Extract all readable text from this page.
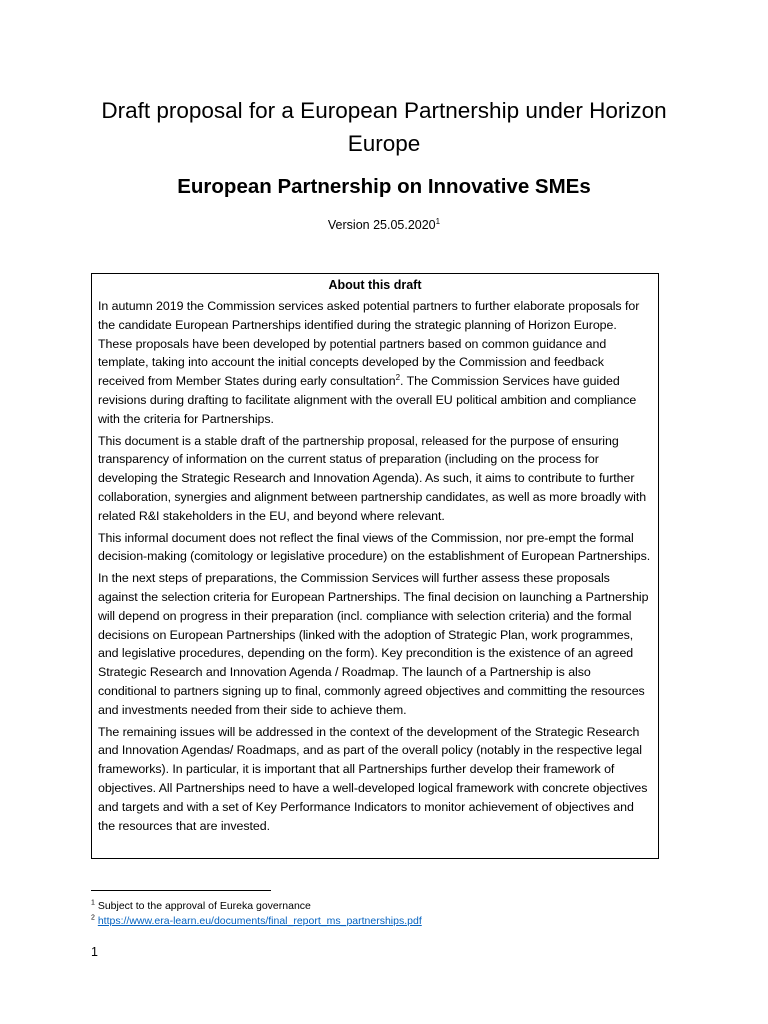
Draft proposal for a European Partnership under Horizon Europe
European Partnership on Innovative SMEs
Version 25.05.2020$^1$
About this draft

In autumn 2019 the Commission services asked potential partners to further elaborate proposals for the candidate European Partnerships identified during the strategic planning of Horizon Europe. These proposals have been developed by potential partners based on common guidance and template, taking into account the initial concepts developed by the Commission and feedback received from Member States during early consultation$^2$. The Commission Services have guided revisions during drafting to facilitate alignment with the overall EU political ambition and compliance with the criteria for Partnerships.

This document is a stable draft of the partnership proposal, released for the purpose of ensuring transparency of information on the current status of preparation (including on the process for developing the Strategic Research and Innovation Agenda). As such, it aims to contribute to further collaboration, synergies and alignment between partnership candidates, as well as more broadly with related R&I stakeholders in the EU, and beyond where relevant.

This informal document does not reflect the final views of the Commission, nor pre-empt the formal decision-making (comitology or legislative procedure) on the establishment of European Partnerships.

In the next steps of preparations, the Commission Services will further assess these proposals against the selection criteria for European Partnerships. The final decision on launching a Partnership will depend on progress in their preparation (incl. compliance with selection criteria) and the formal decisions on European Partnerships (linked with the adoption of Strategic Plan, work programmes, and legislative procedures, depending on the form). Key precondition is the existence of an agreed Strategic Research and Innovation Agenda / Roadmap. The launch of a Partnership is also conditional to partners signing up to final, commonly agreed objectives and committing the resources and investments needed from their side to achieve them.

The remaining issues will be addressed in the context of the development of the Strategic Research and Innovation Agendas/ Roadmaps, and as part of the overall policy (notably in the respective legal frameworks). In particular, it is important that all Partnerships further develop their framework of objectives. All Partnerships need to have a well-developed logical framework with concrete objectives and targets and with a set of Key Performance Indicators to monitor achievement of objectives and the resources that are invested.

$^1$ Subject to the approval of Eureka governance
$^2$ https://www.era-learn.eu/documents/final_report_ms_partnerships.pdf
1
